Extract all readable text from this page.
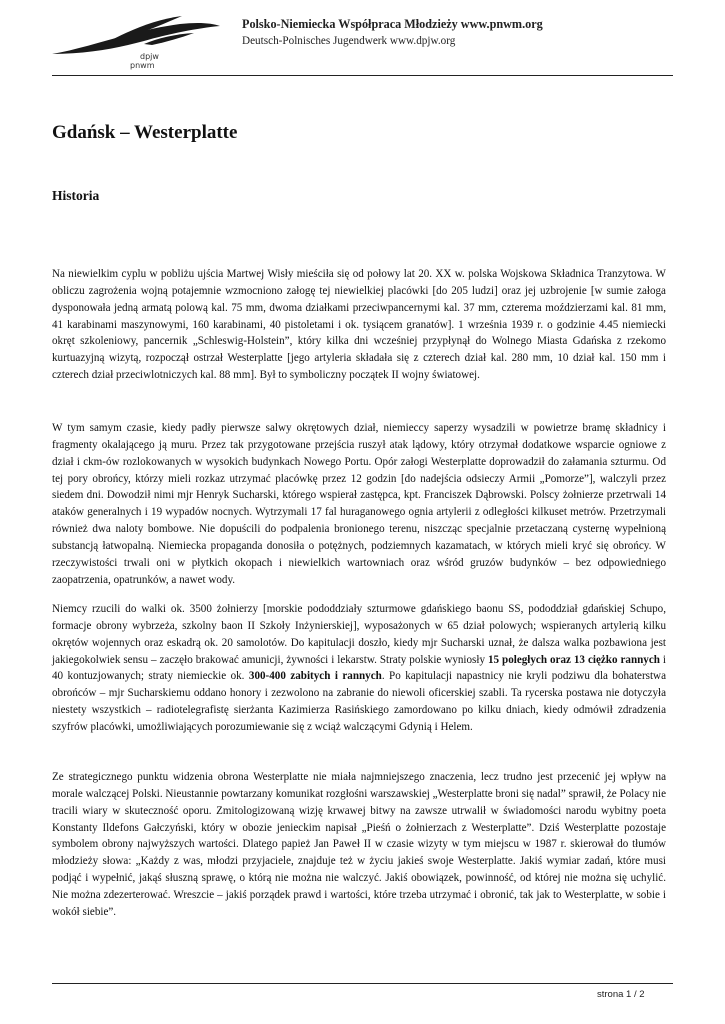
dpjw
pnwm
Polsko-Niemiecka Współpraca Młodzieży www.pnwm.org
Deutsch-Polnisches Jugendwerk www.dpjw.org
Gdańsk – Westerplatte
Historia

Na niewielkim cyplu w pobliżu ujścia Martwej Wisły mieściła się od połowy lat 20. XX w. polska Wojskowa Składnica Tranzytowa. W obliczu zagrożenia wojną potajemnie wzmocniono załogę tej niewielkiej placówki [do 205 ludzi] oraz jej uzbrojenie [w sumie załoga dysponowała jedną armatą polową kal. 75 mm, dwoma działkami przeciwpancernymi kal. 37 mm, czterema moździerzami kal. 81 mm, 41 karabinami maszynowymi, 160 karabinami, 40 pistoletami i ok. tysiącem granatów]. 1 września 1939 r. o godzinie 4.45 niemiecki okręt szkoleniowy, pancernik „Schleswig-Holstein”, który kilka dni wcześniej przypłynął do Wolnego Miasta Gdańska z rzekomo kurtuazyjną wizytą, rozpoczął ostrzał Westerplatte [jego artyleria składała się z czterech dział kal. 280 mm, 10 dział kal. 150 mm i czterech dział przeciwlotniczych kal. 88 mm]. Był to symboliczny początek II wojny światowej.

W tym samym czasie, kiedy padły pierwsze salwy okrętowych dział, niemieccy saperzy wysadzili w powietrze bramę składnicy i fragmenty okalającego ją muru. Przez tak przygotowane przejścia ruszył atak lądowy, który otrzymał dodatkowe wsparcie ogniowe z dział i ckm-ów rozlokowanych w wysokich budynkach Nowego Portu. Opór załogi Westerplatte doprowadził do załamania szturmu. Od tej pory obrońcy, którzy mieli rozkaz utrzymać placówkę przez 12 godzin [do nadejścia odsieczy Armii „Pomorze”], walczyli przez siedem dni. Dowodził nimi mjr Henryk Sucharski, którego wspierał zastępca, kpt. Franciszek Dąbrowski. Polscy żołnierze przetrwali 14 ataków generalnych i 19 wypadów nocnych. Wytrzymali 17 fal huraganowego ognia artylerii z odległości kilkuset metrów. Przetrzymali również dwa naloty bombowe. Nie dopuścili do podpalenia bronionego terenu, niszcząc specjalnie przetaczaną cysternę wypełnioną substancją łatwopalną. Niemiecka propaganda donosiła o potężnych, podziemnych kazamatach, w których mieli kryć się obrońcy. W rzeczywistości trwali oni w płytkich okopach i niewielkich wartowniach oraz wśród gruzów budynków – bez odpowiedniego zaopatrzenia, opatrunków, a nawet wody.

Niemcy rzucili do walki ok. 3500 żołnierzy [morskie pododdziały szturmowe gdańskiego baonu SS, pododdział gdańskiej Schupo, formacje obrony wybrzeża, szkolny baon II Szkoły Inżynierskiej], wyposażonych w 65 dział polowych; wspieranych artylerią kilku okrętów wojennych oraz eskadrą ok. 20 samolotów. Do kapitulacji doszło, kiedy mjr Sucharski uznał, że dalsza walka pozbawiona jest jakiegokolwiek sensu – zaczęło brakować amunicji, żywności i lekarstw. Straty polskie wyniosły 15 poległych oraz 13 ciężko rannych i 40 kontuzjowanych; straty niemieckie ok. 300-400 zabitych i rannych. Po kapitulacji napastnicy nie kryli podziwu dla bohaterstwa obrońców – mjr Sucharskiemu oddano honory i zezwolono na zabranie do niewoli oficerskiej szabli. Ta rycerska postawa nie dotyczyła niestety wszystkich – radiotelegrafistę sierżanta Kazimierza Rasińskiego zamordowano po kilku dniach, kiedy odmówił zdradzenia szyfrów placówki, umożliwiających porozumiewanie się z wciąż walczącymi Gdynią i Helem.

Ze strategicznego punktu widzenia obrona Westerplatte nie miała najmniejszego znaczenia, lecz trudno jest przecenić jej wpływ na morale walczącej Polski. Nieustannie powtarzany komunikat rozgłośni warszawskiej „Westerplatte broni się nadal” sprawił, że Polacy nie tracili wiary w skuteczność oporu. Zmitologizowaną wizję krwawej bitwy na zawsze utrwalił w świadomości narodu wybitny poeta Konstanty Ildefons Gałczyński, który w obozie jenieckim napisał „Pieśń o żołnierzach z Westerplatte”. Dziś Westerplatte pozostaje symbolem obrony najwyższych wartości. Dlatego papież Jan Paweł II w czasie wizyty w tym miejscu w 1987 r. skierował do tłumów młodzieży słowa: „Każdy z was, młodzi przyjaciele, znajduje też w życiu jakieś swoje Westerplatte. Jakiś wymiar zadań, które musi podjąć i wypełnić, jakąś słuszną sprawę, o którą nie można nie walczyć. Jakiś obowiązek, powinność, od której nie można się uchylić. Nie można zdezerterować. Wreszcie – jakiś porządek prawd i wartości, które trzeba utrzymać i obronić, tak jak to Westerplatte, w sobie i wokół siebie”.

strona 1 / 2
